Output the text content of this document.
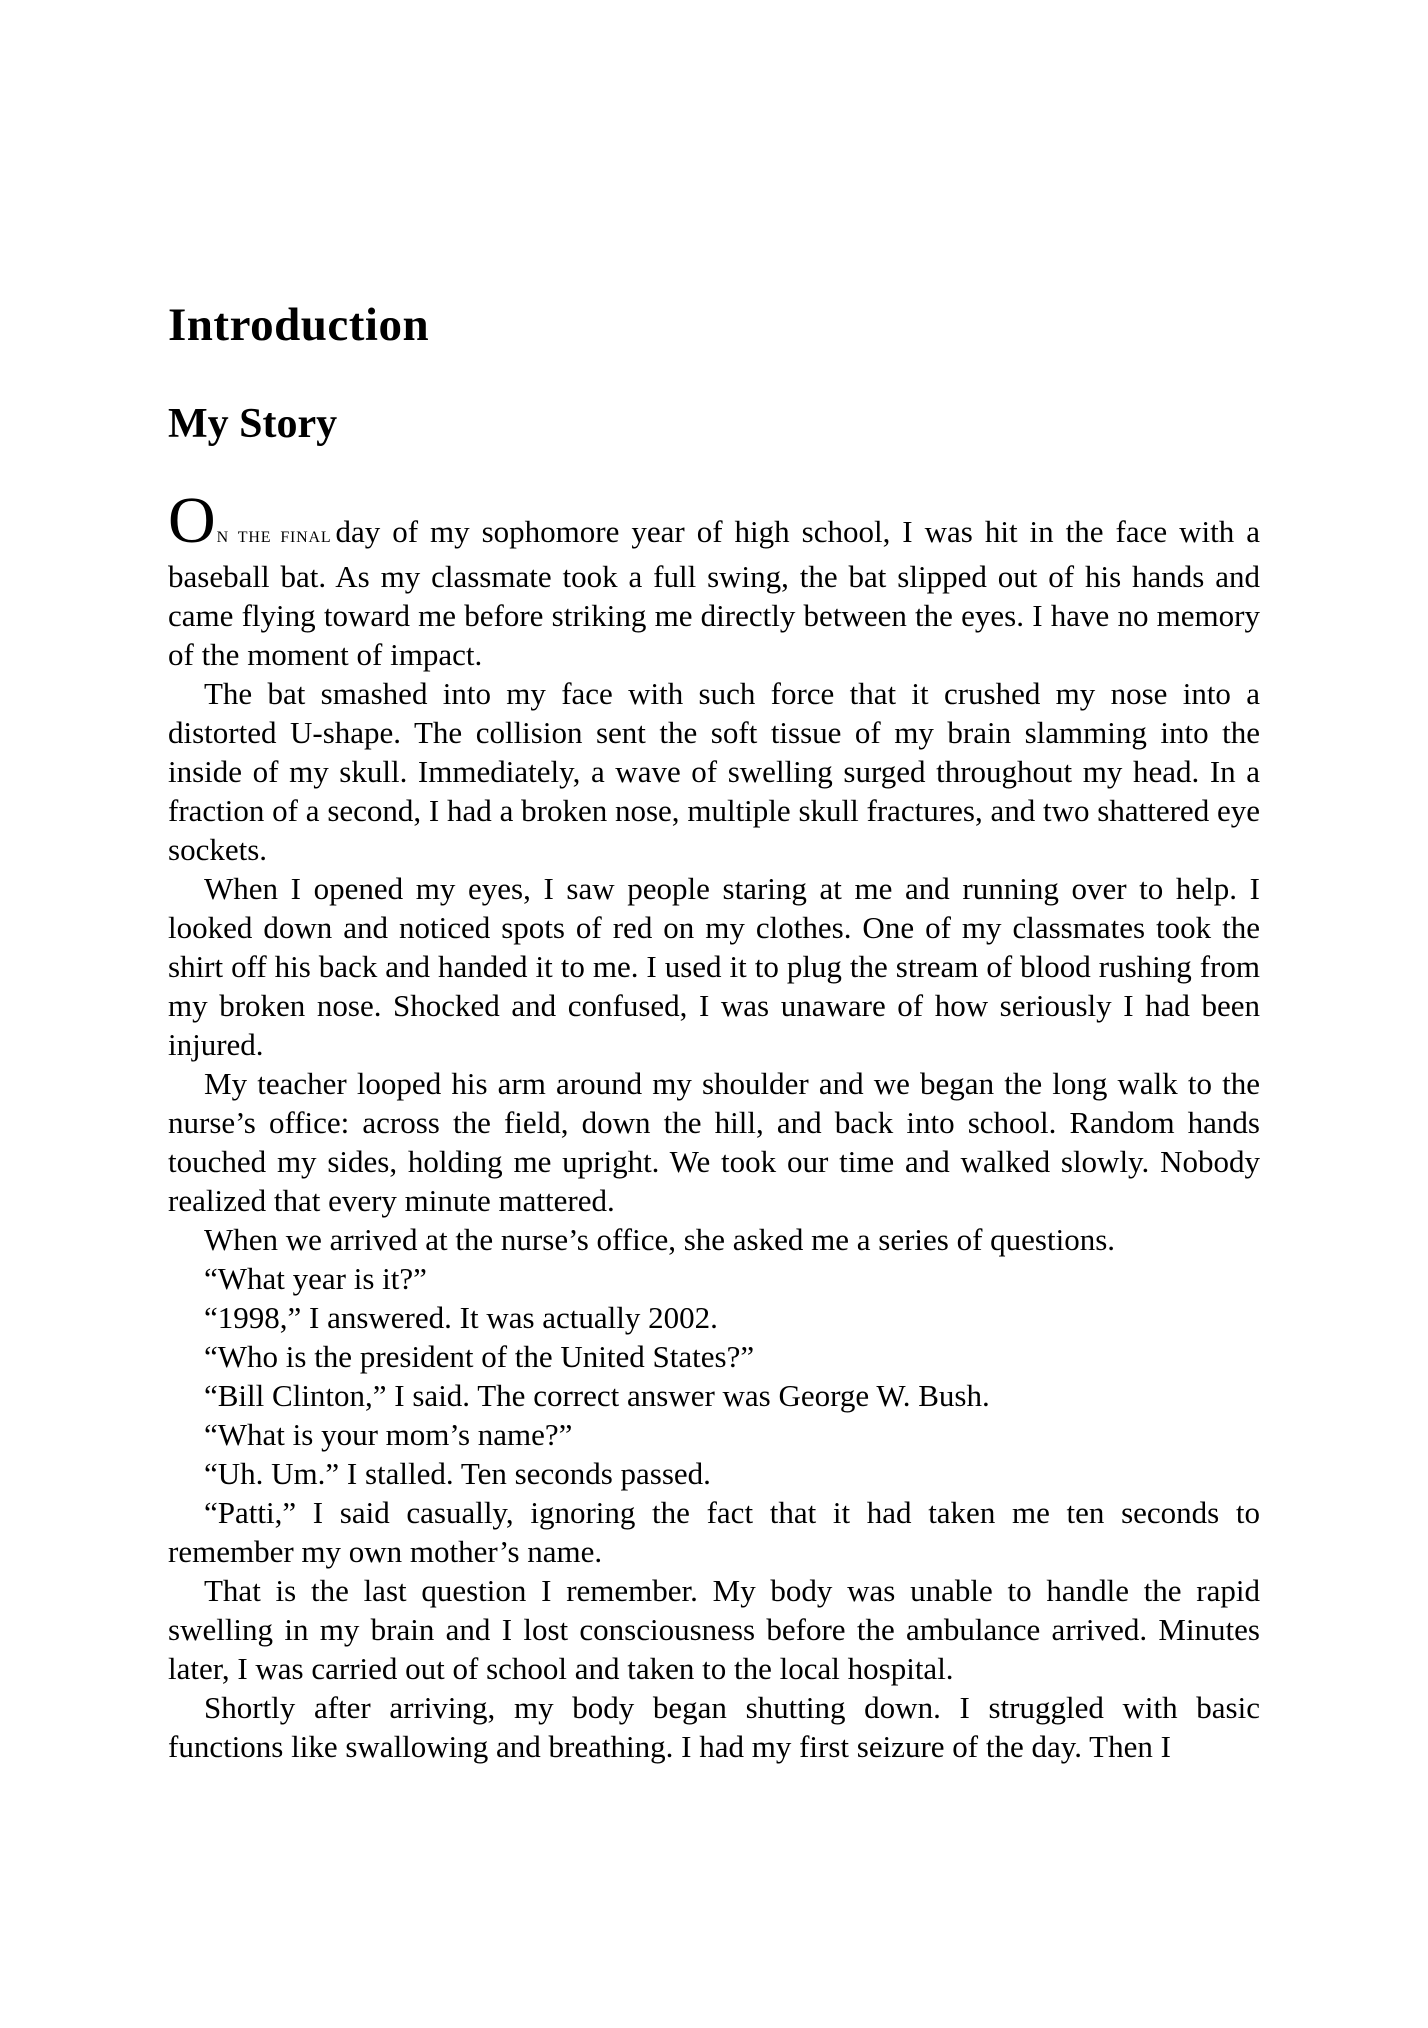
Introduction
My Story

ON THE FINAL day of my sophomore year of high school, I was hit in the face with a baseball bat. As my classmate took a full swing, the bat slipped out of his hands and came flying toward me before striking me directly between the eyes. I have no memory of the moment of impact.

The bat smashed into my face with such force that it crushed my nose into a distorted U-shape. The collision sent the soft tissue of my brain slamming into the inside of my skull. Immediately, a wave of swelling surged throughout my head. In a fraction of a second, I had a broken nose, multiple skull fractures, and two shattered eye sockets.

When I opened my eyes, I saw people staring at me and running over to help. I looked down and noticed spots of red on my clothes. One of my classmates took the shirt off his back and handed it to me. I used it to plug the stream of blood rushing from my broken nose. Shocked and confused, I was unaware of how seriously I had been injured.

My teacher looped his arm around my shoulder and we began the long walk to the nurse’s office: across the field, down the hill, and back into school. Random hands touched my sides, holding me upright. We took our time and walked slowly. Nobody realized that every minute mattered.

When we arrived at the nurse’s office, she asked me a series of questions.

“What year is it?”

“1998,” I answered. It was actually 2002.

“Who is the president of the United States?”

“Bill Clinton,” I said. The correct answer was George W. Bush.

“What is your mom’s name?”

“Uh. Um.” I stalled. Ten seconds passed.

“Patti,” I said casually, ignoring the fact that it had taken me ten seconds to remember my own mother’s name.

That is the last question I remember. My body was unable to handle the rapid swelling in my brain and I lost consciousness before the ambulance arrived. Minutes later, I was carried out of school and taken to the local hospital.

Shortly after arriving, my body began shutting down. I struggled with basic functions like swallowing and breathing. I had my first seizure of the day. Then I
